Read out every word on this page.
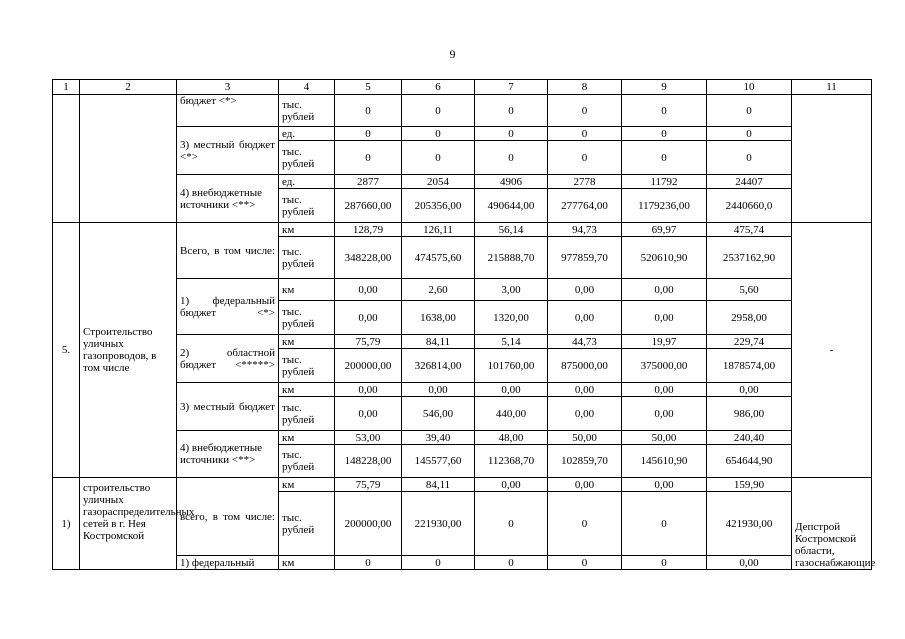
9
1	2	3	4	5	6	7	8	9	10	11
		бюджет <*>	тыс. рублей	0	0	0	0	0	0	
		3) местный бюджет <*>	ед.	0	0	0	0	0	0	
			тыс. рублей	0	0	0	0	0	0	
		4) внебюджетные источники <**>	ед.	2877	2054	4906	2778	11792	24407	
			тыс. рублей	287660,00	205356,00	490644,00	277764,00	1179236,00	2440660,0	
5.	Строительство уличных газопроводов, в том числе	Всего, в том числе:	км	128,79	126,11	56,14	94,73	69,97	475,74	-
			тыс. рублей	348228,00	474575,60	215888,70	977859,70	520610,90	2537162,90	
		1) федеральный бюджет <*>	км	0,00	2,60	3,00	0,00	0,00	5,60	
			тыс. рублей	0,00	1638,00	1320,00	0,00	0,00	2958,00	
		2) областной бюджет <*****>	км	75,79	84,11	5,14	44,73	19,97	229,74	
			тыс. рублей	200000,00	326814,00	101760,00	875000,00	375000,00	1878574,00	
		3) местный бюджет	км	0,00	0,00	0,00	0,00	0,00	0,00	
			тыс. рублей	0,00	546,00	440,00	0,00	0,00	986,00	
		4) внебюджетные источники <**>	км	53,00	39,40	48,00	50,00	50,00	240,40	
			тыс. рублей	148228,00	145577,60	112368,70	102859,70	145610,90	654644,90	
1)	строительство уличных газораспределительных сетей в г. Нея Костромской	всего, в том числе:	км	75,79	84,11	0,00	0,00	0,00	159,90	Депстрой Костромской области, газоснабжающие
			тыс. рублей	200000,00	221930,00	0	0	0	421930,00	
		1) федеральный	км	0	0	0	0	0	0,00	
